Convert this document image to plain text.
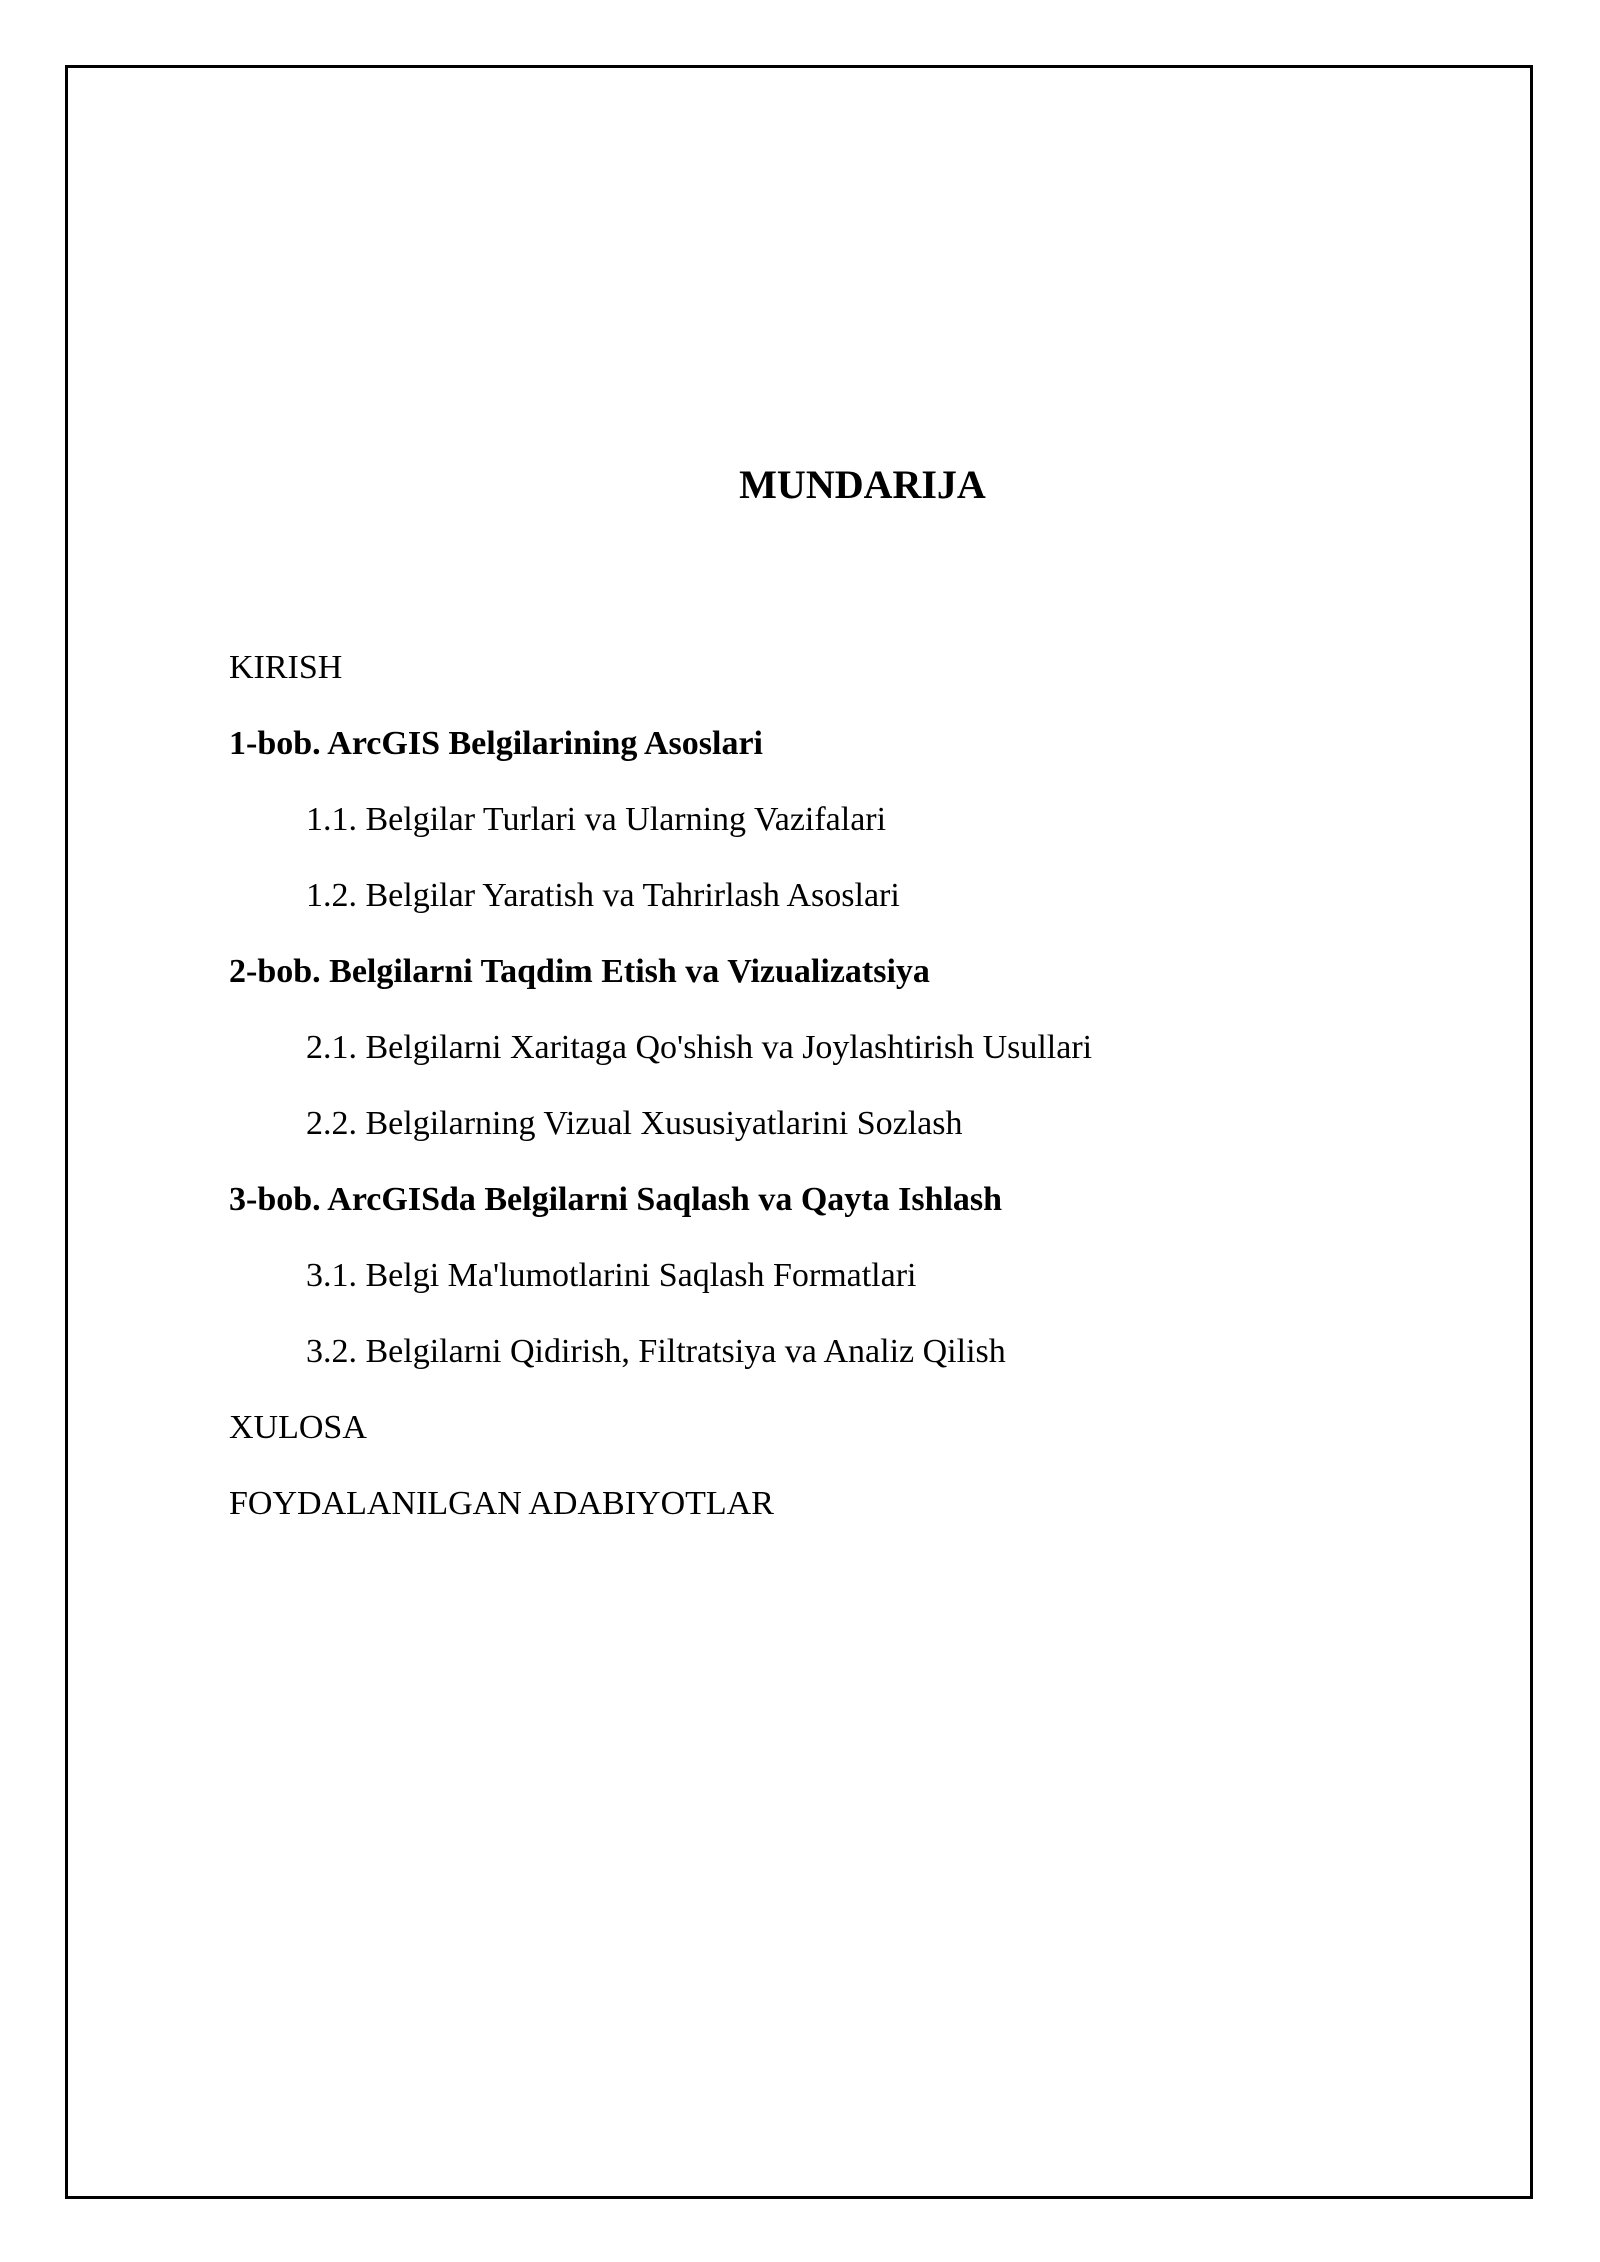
MUNDARIJA
KIRISH
1-bob. ArcGIS Belgilarining Asoslari
1.1. Belgilar Turlari va Ularning Vazifalari
1.2. Belgilar Yaratish va Tahrirlash Asoslari
2-bob. Belgilarni Taqdim Etish va Vizualizatsiya
2.1. Belgilarni Xaritaga Qo'shish va Joylashtirish Usullari
2.2. Belgilarning Vizual Xususiyatlarini Sozlash
3-bob. ArcGISda Belgilarni Saqlash va Qayta Ishlash
3.1. Belgi Ma'lumotlarini Saqlash Formatlari
3.2. Belgilarni Qidirish, Filtratsiya va Analiz Qilish
XULOSA
FOYDALANILGAN ADABIYOTLAR
